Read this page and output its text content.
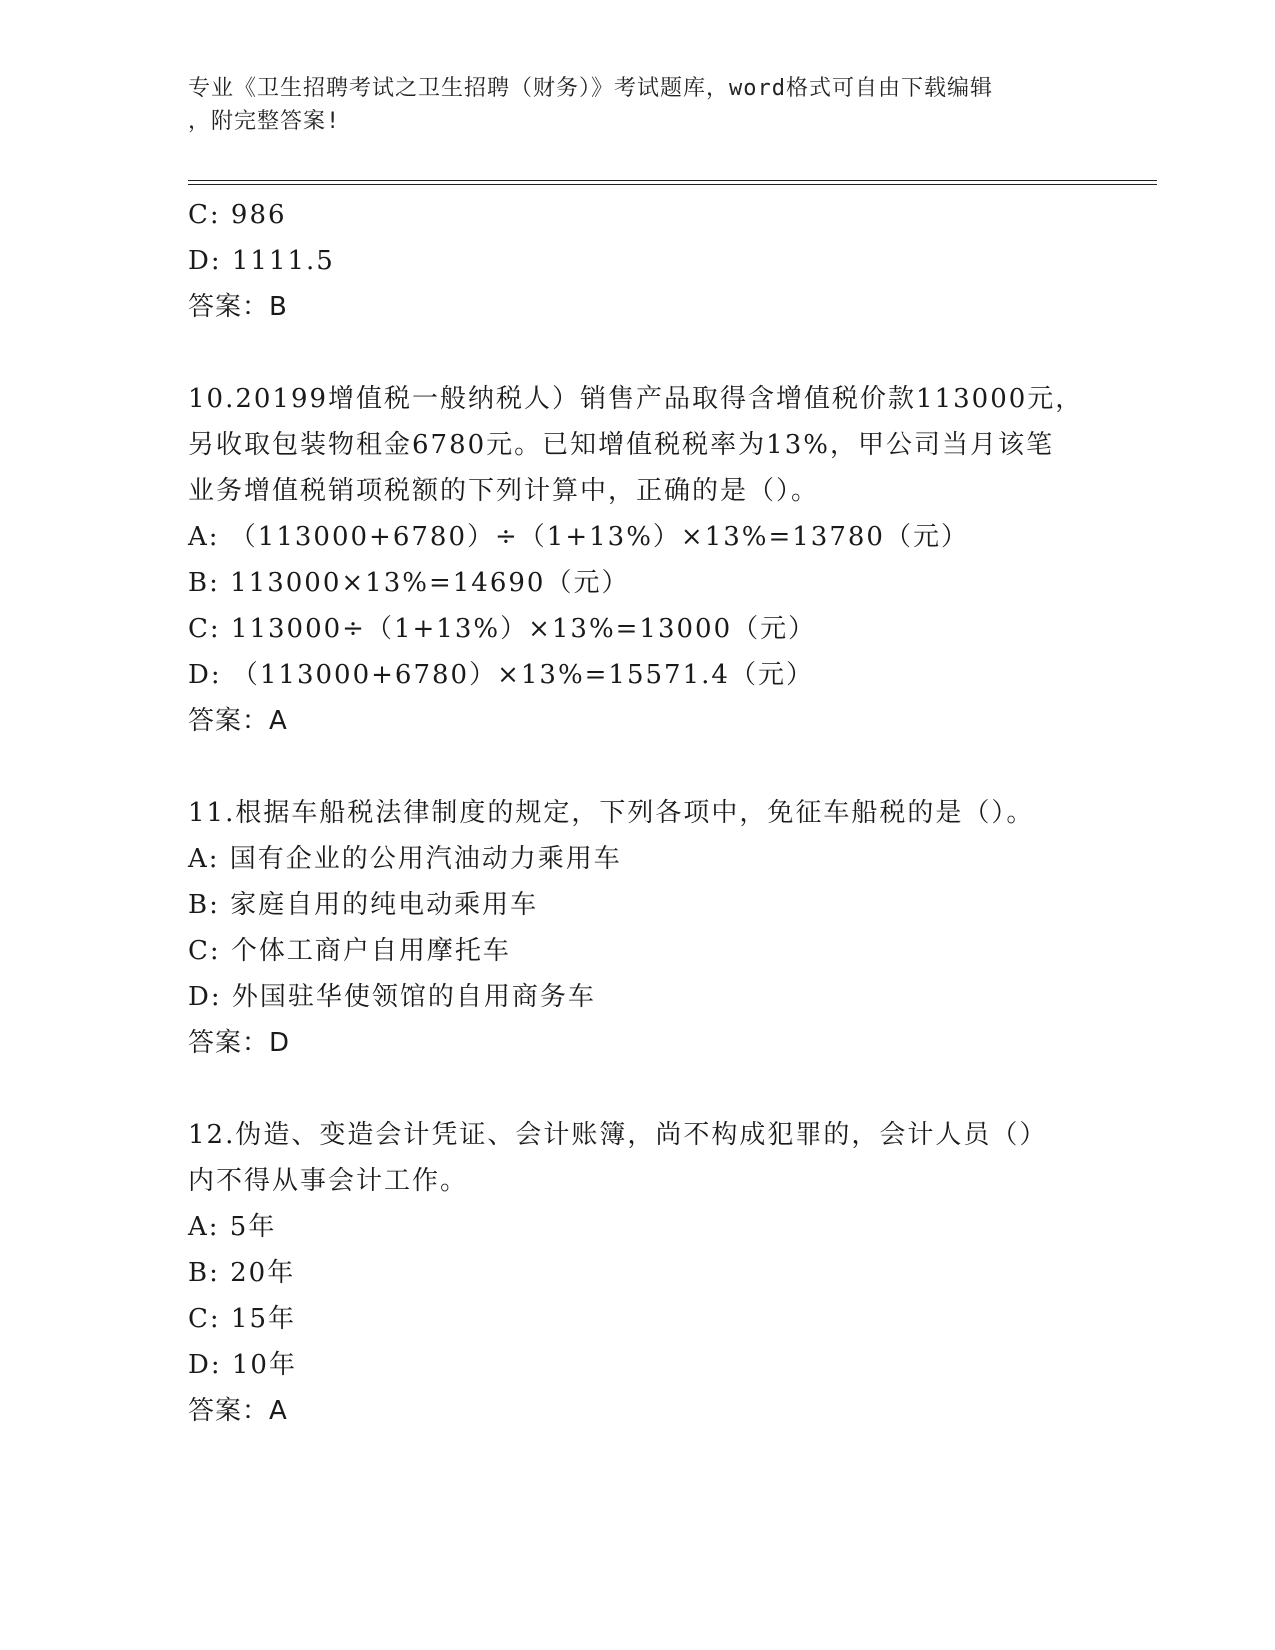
专业《卫生招聘考试之卫生招聘（财务）》考试题库，word格式可自由下载编辑
，附完整答案!
C: 986
D: 1111.5
答案：B
10.20199增值税一般纳税人）销售产品取得含增值税价款113000元，
另收取包装物租金6780元。已知增值税税率为13%，甲公司当月该笔
业务增值税销项税额的下列计算中，正确的是（）。
A: （113000+6780）÷（1+13%）×13%=13780（元）
B: 113000×13%=14690（元）
C: 113000÷（1+13%）×13%=13000（元）
D: （113000+6780）×13%=15571.4（元）
答案：A
11.根据车船税法律制度的规定，下列各项中，免征车船税的是（）。
A: 国有企业的公用汽油动力乘用车
B: 家庭自用的纯电动乘用车
C: 个体工商户自用摩托车
D: 外国驻华使领馆的自用商务车
答案：D
12.伪造、变造会计凭证、会计账簿，尚不构成犯罪的，会计人员（）
内不得从事会计工作。
A: 5年
B: 20年
C: 15年
D: 10年
答案：A
